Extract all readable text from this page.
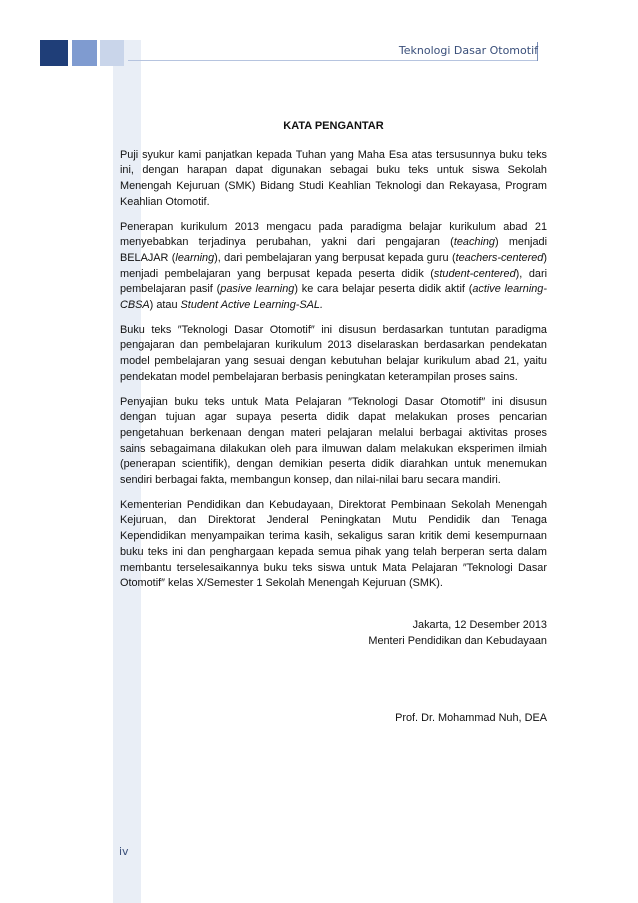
Teknologi Dasar Otomotif

KATA PENGANTAR

Puji syukur kami panjatkan kepada Tuhan yang Maha Esa atas tersusunnya buku teks ini, dengan harapan dapat digunakan sebagai buku teks untuk siswa Sekolah Menengah Kejuruan (SMK) Bidang Studi Keahlian Teknologi dan Rekayasa, Program Keahlian Otomotif.

Penerapan kurikulum 2013 mengacu pada paradigma belajar kurikulum abad 21 menyebabkan terjadinya perubahan, yakni dari pengajaran (teaching) menjadi BELAJAR (learning), dari pembelajaran yang berpusat kepada guru (teachers-centered) menjadi pembelajaran yang berpusat kepada peserta didik (student-centered), dari pembelajaran pasif (pasive learning) ke cara belajar peserta didik aktif (active learning-CBSA) atau Student Active Learning-SAL.

Buku teks ″Teknologi Dasar Otomotif″ ini disusun berdasarkan tuntutan paradigma pengajaran dan pembelajaran kurikulum 2013 diselaraskan berdasarkan pendekatan model pembelajaran yang sesuai dengan kebutuhan belajar kurikulum abad 21, yaitu pendekatan model pembelajaran berbasis peningkatan keterampilan proses sains.

Penyajian buku teks untuk Mata Pelajaran ″Teknologi Dasar Otomotif″ ini disusun dengan tujuan agar supaya peserta didik dapat melakukan proses pencarian pengetahuan berkenaan dengan materi pelajaran melalui berbagai aktivitas proses sains sebagaimana dilakukan oleh para ilmuwan dalam melakukan eksperimen ilmiah (penerapan scientifik), dengan demikian peserta didik diarahkan untuk menemukan sendiri berbagai fakta, membangun konsep, dan nilai-nilai baru secara mandiri.

Kementerian Pendidikan dan Kebudayaan, Direktorat Pembinaan Sekolah Menengah Kejuruan, dan Direktorat Jenderal Peningkatan Mutu Pendidik dan Tenaga Kependidikan menyampaikan terima kasih, sekaligus saran kritik demi kesempurnaan buku teks ini dan penghargaan kepada semua pihak yang telah berperan serta dalam membantu terselesaikannya buku teks siswa untuk Mata Pelajaran ″Teknologi Dasar Otomotif″ kelas X/Semester 1 Sekolah Menengah Kejuruan (SMK).

Jakarta, 12 Desember 2013

Menteri Pendidikan dan Kebudayaan

Prof. Dr. Mohammad Nuh, DEA

iv
